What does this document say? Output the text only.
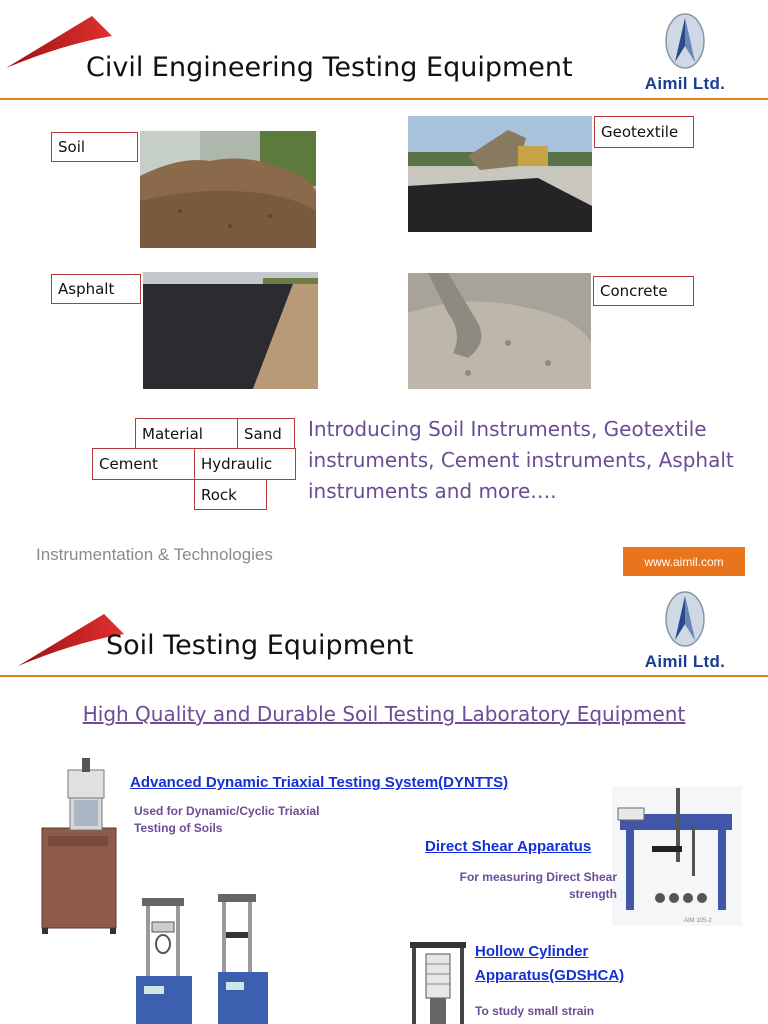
Civil Engineering Testing Equipment
Aimil Ltd.
Soil
Geotextile
Asphalt	Concrete
Material	Sand
Cement	Hydraulic
Rock
Introducing Soil Instruments, Geotextile instruments, Cement instruments, Asphalt instruments and more….
Instrumentation & Technologies	www.aimil.com
Soil Testing Equipment
Aimil Ltd.
High Quality and Durable Soil Testing Laboratory Equipment
Advanced Dynamic Triaxial Testing System(DYNTTS)
Used for Dynamic/Cyclic Triaxial Testing of Soils
AIM 105-2
Direct Shear Apparatus
For measuring Direct Shear strength
Hollow Cylinder Apparatus(GDSHCA)
To study small strain
